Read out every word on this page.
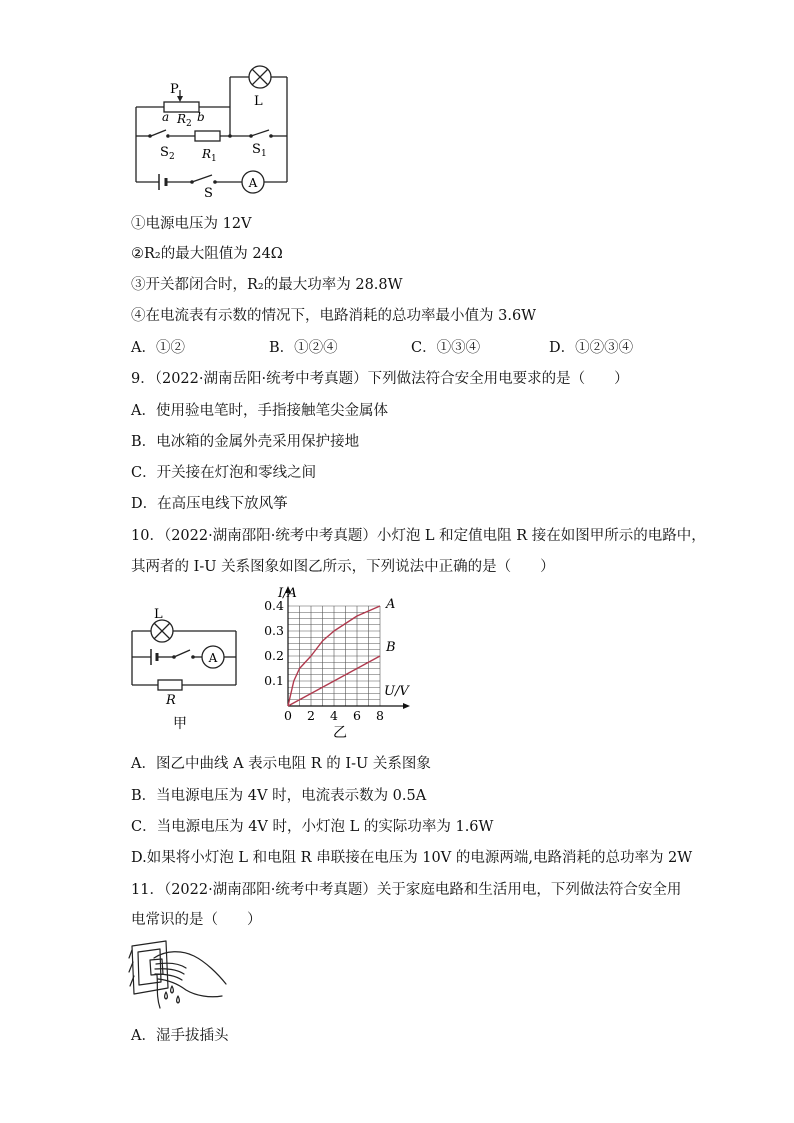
A
P
L
a R 2 b
S 2 R 1
S 1
S
①电源电压为 12V
②R₂的最大阻值为 24Ω
③开关都闭合时，R₂的最大功率为 28.8W
④在电流表有示数的情况下，电路消耗的总功率最小值为 3.6W
A．①②	B．①②④	C．①③④	D．①②③④
9．（2022·湖南岳阳·统考中考真题）下列做法符合安全用电要求的是（　　）
A．使用验电笔时，手指接触笔尖金属体
B．电冰箱的金属外壳采用保护接地
C．开关接在灯泡和零线之间
D．在高压电线下放风筝
10．（2022·湖南邵阳·统考中考真题）小灯泡 L 和定值电阻 R 接在如图甲所示的电路中，
其两者的 I-U 关系图象如图乙所示，下列说法中正确的是（　　）
A
L
R
甲
0 2 4 6 8
0.1
0.2
0.3
0.4	A
B
I/A
U/V
乙
A．图乙中曲线 A 表示电阻 R 的 I-U 关系图象
B．当电源电压为 4V 时，电流表示数为 0.5A
C．当电源电压为 4V 时，小灯泡 L 的实际功率为 1.6W
D.如果将小灯泡 L 和电阻 R 串联接在电压为 10V 的电源两端,电路消耗的总功率为 2W
11．（2022·湖南邵阳·统考中考真题）关于家庭电路和生活用电，下列做法符合安全用
电常识的是（　　）
A．湿手拔插头
